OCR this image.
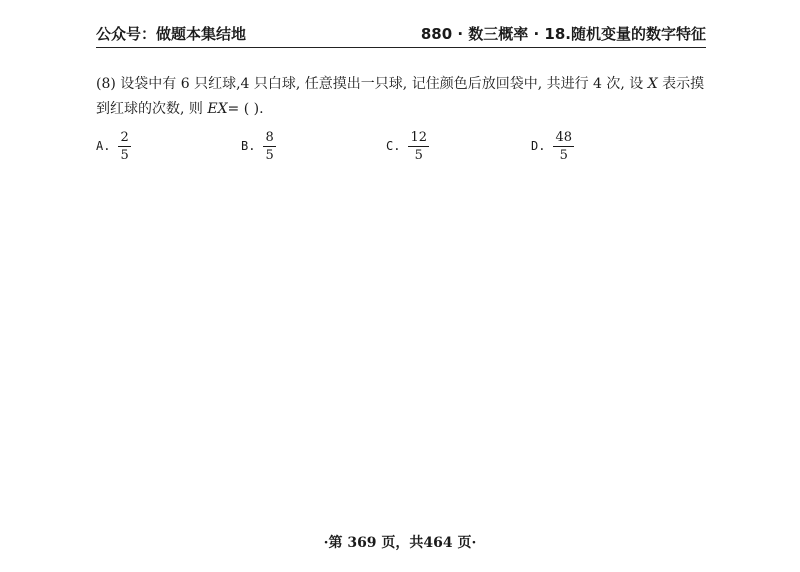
公众号：做题本集结地	880 · 数三概率 · 18.随机变量的数字特征
(8) 设袋中有 6 只红球,4 只白球, 任意摸出一只球, 记住颜色后放回袋中, 共进行 4 次, 设 X 表示摸到红球的次数, 则 EX= ( ).
A. $\frac{2}{5}$	B. $\frac{8}{5}$	C. $\frac{12}{5}$	D. $\frac{48}{5}$
·第 369 页，共464 页·
